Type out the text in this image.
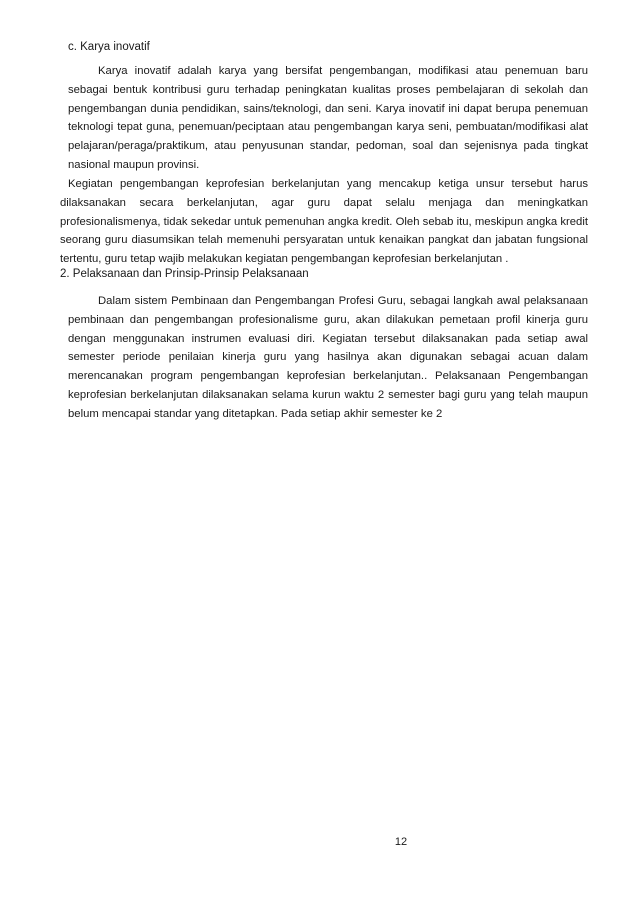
c. Karya inovatif

Karya inovatif adalah karya yang bersifat pengembangan, modifikasi atau penemuan baru sebagai bentuk kontribusi guru terhadap peningkatan kualitas proses pembelajaran di sekolah dan pengembangan dunia pendidikan, sains/teknologi, dan seni. Karya inovatif ini dapat berupa penemuan teknologi tepat guna, penemuan/peciptaan atau pengembangan karya seni, pembuatan/modifikasi alat pelajaran/peraga/praktikum, atau penyusunan standar, pedoman, soal dan sejenisnya pada tingkat nasional maupun provinsi.

Kegiatan pengembangan keprofesian berkelanjutan yang mencakup ketiga unsur tersebut harus dilaksanakan secara berkelanjutan, agar guru dapat selalu menjaga dan meningkatkan profesionalismenya, tidak sekedar untuk pemenuhan angka kredit. Oleh sebab itu, meskipun angka kredit seorang guru diasumsikan telah memenuhi persyaratan untuk kenaikan pangkat dan jabatan fungsional tertentu, guru tetap wajib melakukan kegiatan pengembangan keprofesian berkelanjutan .

2. Pelaksanaan dan Prinsip-Prinsip Pelaksanaan

Dalam sistem Pembinaan dan Pengembangan Profesi Guru, sebagai langkah awal pelaksanaan pembinaan dan pengembangan profesionalisme guru, akan dilakukan pemetaan profil kinerja guru dengan menggunakan instrumen evaluasi diri. Kegiatan tersebut dilaksanakan pada setiap awal semester periode penilaian kinerja guru yang hasilnya akan digunakan sebagai acuan dalam merencanakan program pengembangan keprofesian berkelanjutan.. Pelaksanaan Pengembangan keprofesian berkelanjutan dilaksanakan selama kurun waktu 2 semester bagi guru yang telah maupun belum mencapai standar yang ditetapkan. Pada setiap akhir semester ke 2

12
